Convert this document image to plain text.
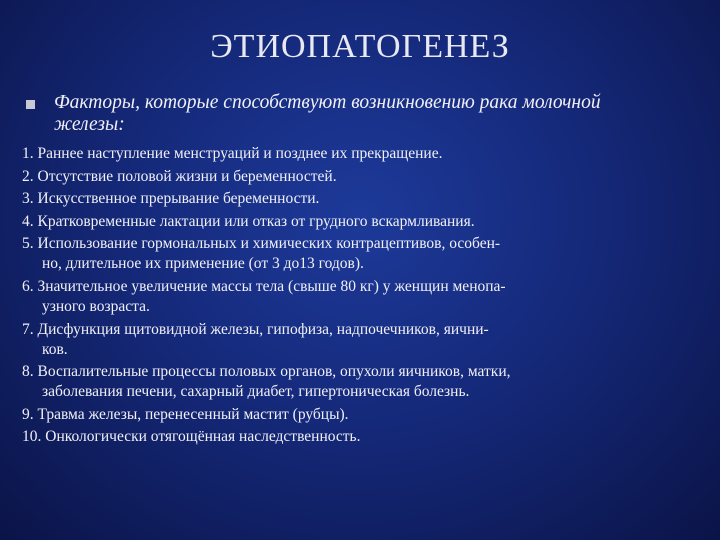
ЭТИОПАТОГЕНЕЗ
Факторы, которые способствуют возникновению рака молочной
железы:
1. Раннее наступление менструаций и позднее их прекращение.
2. Отсутствие половой жизни и беременностей.
3. Искусственное прерывание беременности.
4. Кратковременные лактации или отказ от грудного вскармливания.
5. Использование гормональных и химических контрацептивов, особен-
но, длительное их применение (от 3 до13 годов).
6. Значительное увеличение массы тела (свыше 80 кг) у женщин менопа-
узного возраста.
7. Дисфункция щитовидной железы, гипофиза, надпочечников, яични-
ков.
8. Воспалительные процессы половых органов, опухоли яичников, матки,
заболевания печени, сахарный диабет, гипертоническая болезнь.
9. Травма железы, перенесенный мастит (рубцы).
10. Онкологически отягощённая наследственность.
